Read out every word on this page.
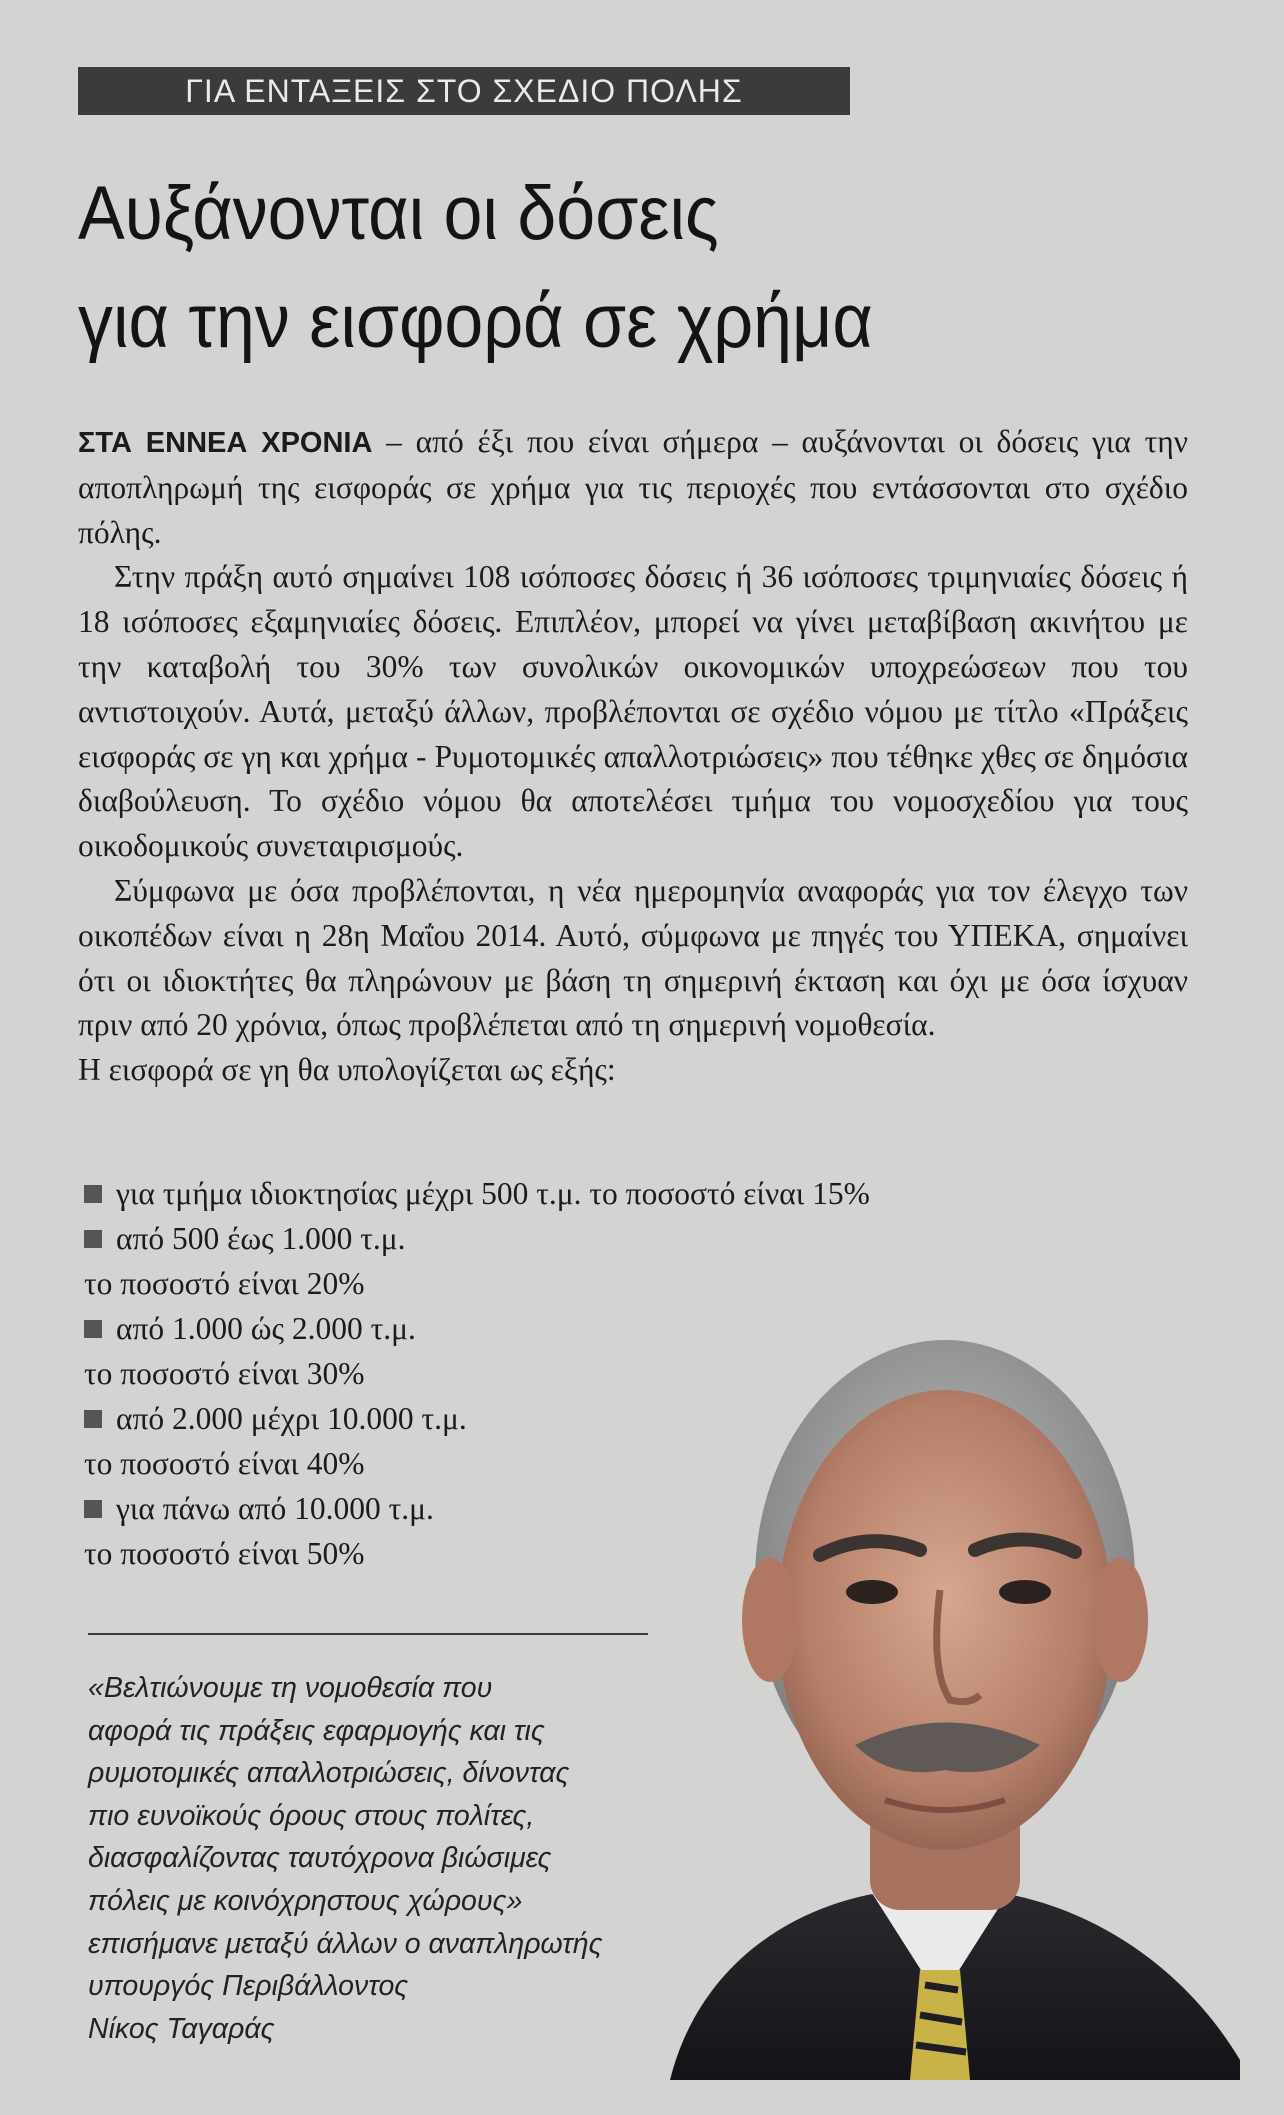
ΓΙΑ ΕΝΤΑΞΕΙΣ ΣΤΟ ΣΧΕΔΙΟ ΠΟΛΗΣ
Αυξάνονται οι δόσεις
για την εισφορά σε χρήμα

ΣΤΑ ΕΝΝΕΑ ΧΡΟΝΙΑ – από έξι που είναι σήμερα – αυξάνονται οι δόσεις για την αποπληρωμή της εισφοράς σε χρήμα για τις περιοχές που εντάσσονται στο σχέδιο πόλης.

Στην πράξη αυτό σημαίνει 108 ισόποσες δόσεις ή 36 ισόποσες τριμηνιαίες δόσεις ή 18 ισόποσες εξαμηνιαίες δόσεις. Επιπλέον, μπορεί να γίνει μεταβίβαση ακινήτου με την καταβολή του 30% των συνολικών οικονομικών υποχρεώσεων που του αντιστοιχούν. Αυτά, μεταξύ άλλων, προβλέπονται σε σχέδιο νόμου με τίτλο «Πράξεις εισφοράς σε γη και χρήμα - Ρυμοτομικές απαλλοτριώσεις» που τέθηκε χθες σε δημόσια διαβούλευση. Το σχέδιο νόμου θα αποτελέσει τμήμα του νομοσχεδίου για τους οικοδομικούς συνεταιρισμούς.

Σύμφωνα με όσα προβλέπονται, η νέα ημερομηνία αναφοράς για τον έλεγχο των οικοπέδων είναι η 28η Μαΐου 2014. Αυτό, σύμφωνα με πηγές του ΥΠΕΚΑ, σημαίνει ότι οι ιδιοκτήτες θα πληρώνουν με βάση τη σημερινή έκταση και όχι με όσα ίσχυαν πριν από 20 χρόνια, όπως προβλέπεται από τη σημερινή νομοθεσία.

Η εισφορά σε γη θα υπολογίζεται ως εξής:

για τμήμα ιδιοκτησίας μέχρι 500 τ.μ. το ποσοστό είναι 15%
από 500 έως 1.000 τ.μ.
το ποσοστό είναι 20%
από 1.000 ώς 2.000 τ.μ.
το ποσοστό είναι 30%
από 2.000 μέχρι 10.000 τ.μ.
το ποσοστό είναι 40%
για πάνω από 10.000 τ.μ.
το ποσοστό είναι 50%
«Βελτιώνουμε τη νομοθεσία που
αφορά τις πράξεις εφαρμογής και τις
ρυμοτομικές απαλλοτριώσεις, δίνοντας
πιο ευνοϊκούς όρους στους πολίτες,
διασφαλίζοντας ταυτόχρονα βιώσιμες
πόλεις με κοινόχρηστους χώρους»
επισήμανε μεταξύ άλλων ο αναπληρωτής
υπουργός Περιβάλλοντος
Νίκος Ταγαράς
